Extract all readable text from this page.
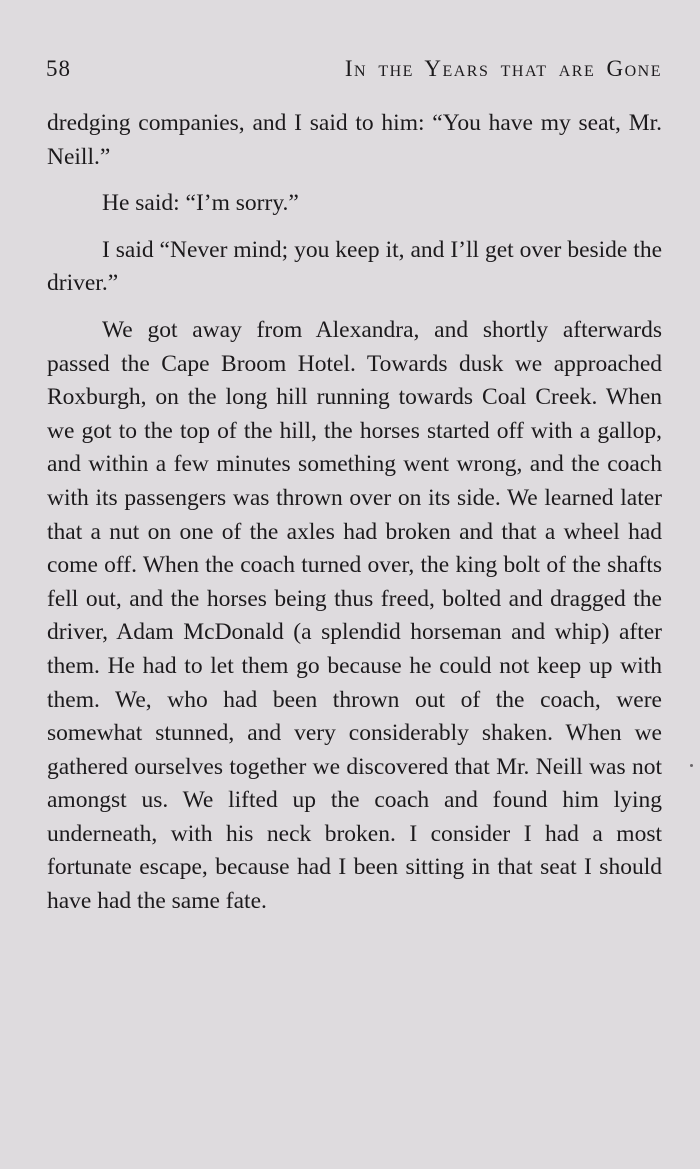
58	In the Years that are Gone

dredging companies, and I said to him: “You have my seat, Mr. Neill.”

He said: “I’m sorry.”

I said “Never mind; you keep it, and I’ll get over beside the driver.”

We got away from Alexandra, and shortly afterwards passed the Cape Broom Hotel. Towards dusk we approached Roxburgh, on the long hill running towards Coal Creek. When we got to the top of the hill, the horses started off with a gallop, and within a few minutes something went wrong, and the coach with its passengers was thrown over on its side. We learned later that a nut on one of the axles had broken and that a wheel had come off. When the coach turned over, the king bolt of the shafts fell out, and the horses being thus freed, bolted and dragged the driver, Adam McDonald (a splendid horseman and whip) after them. He had to let them go because he could not keep up with them. We, who had been thrown out of the coach, were somewhat stunned, and very considerably shaken. When we gathered ourselves together we discovered that Mr. Neill was not amongst us. We lifted up the coach and found him lying underneath, with his neck broken. I consider I had a most fortunate escape, because had I been sitting in that seat I should have had the same fate.
